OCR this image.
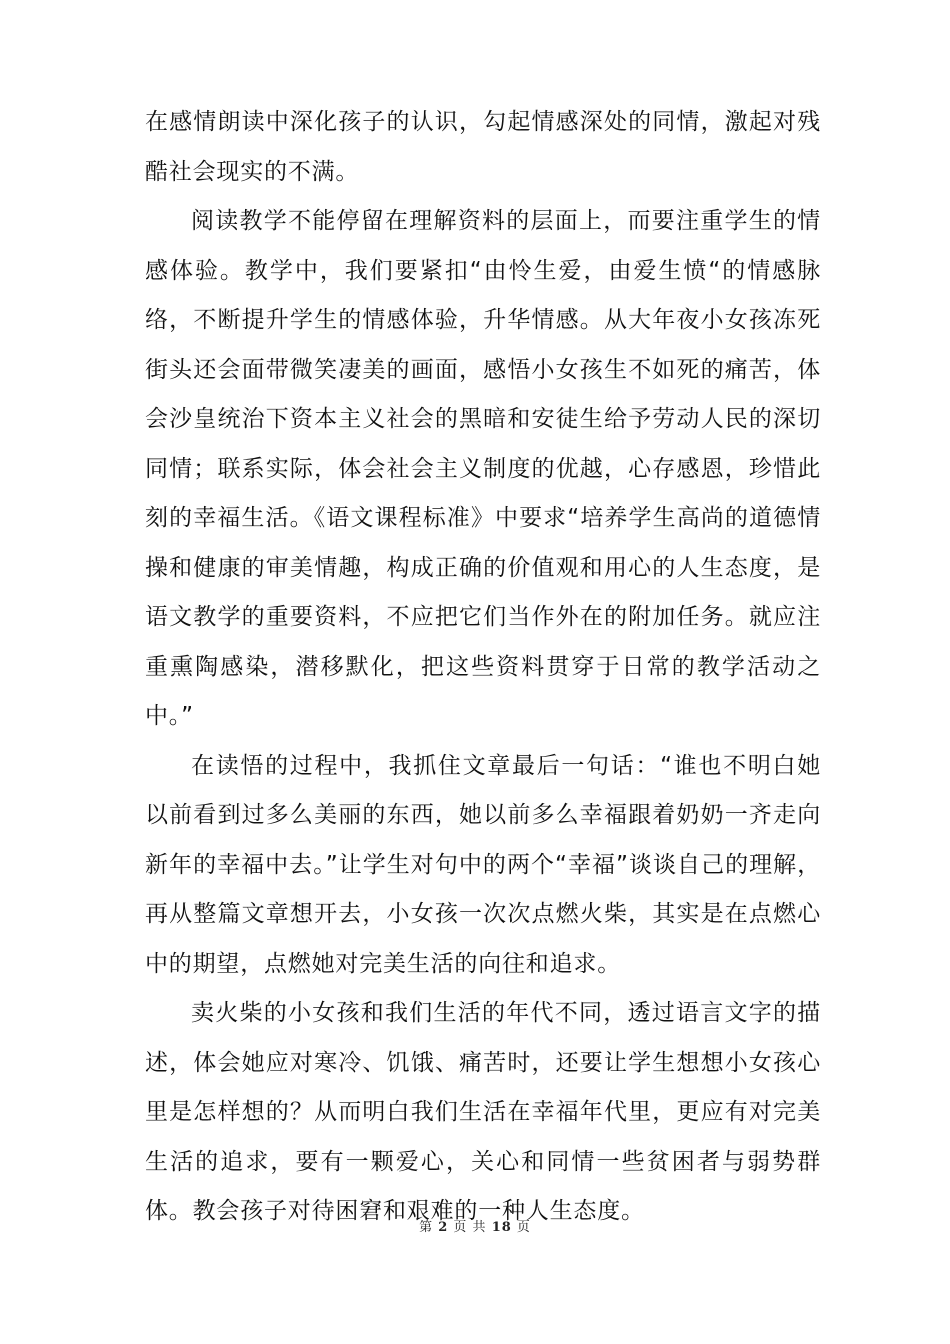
在感情朗读中深化孩子的认识，勾起情感深处的同情，激起对残酷社会现实的不满。

阅读教学不能停留在理解资料的层面上，而要注重学生的情感体验。教学中，我们要紧扣“由怜生爱，由爱生愤“的情感脉络，不断提升学生的情感体验，升华情感。从大年夜小女孩冻死街头还会面带微笑凄美的画面，感悟小女孩生不如死的痛苦，体会沙皇统治下资本主义社会的黑暗和安徒生给予劳动人民的深切同情；联系实际，体会社会主义制度的优越，心存感恩，珍惜此刻的幸福生活。《语文课程标准》中要求“培养学生高尚的道德情操和健康的审美情趣，构成正确的价值观和用心的人生态度，是语文教学的重要资料，不应把它们当作外在的附加任务。就应注重熏陶感染，潜移默化，把这些资料贯穿于日常的教学活动之中。”

在读悟的过程中，我抓住文章最后一句话：“谁也不明白她以前看到过多么美丽的东西，她以前多么幸福跟着奶奶一齐走向新年的幸福中去。”让学生对句中的两个“幸福”谈谈自己的理解，再从整篇文章想开去，小女孩一次次点燃火柴，其实是在点燃心中的期望，点燃她对完美生活的向往和追求。

卖火柴的小女孩和我们生活的年代不同，透过语言文字的描述，体会她应对寒冷、饥饿、痛苦时，还要让学生想想小女孩心里是怎样想的？从而明白我们生活在幸福年代里，更应有对完美生活的追求，要有一颗爱心，关心和同情一些贫困者与弱势群体。教会孩子对待困窘和艰难的一种人生态度。

第 2 页 共 18 页
